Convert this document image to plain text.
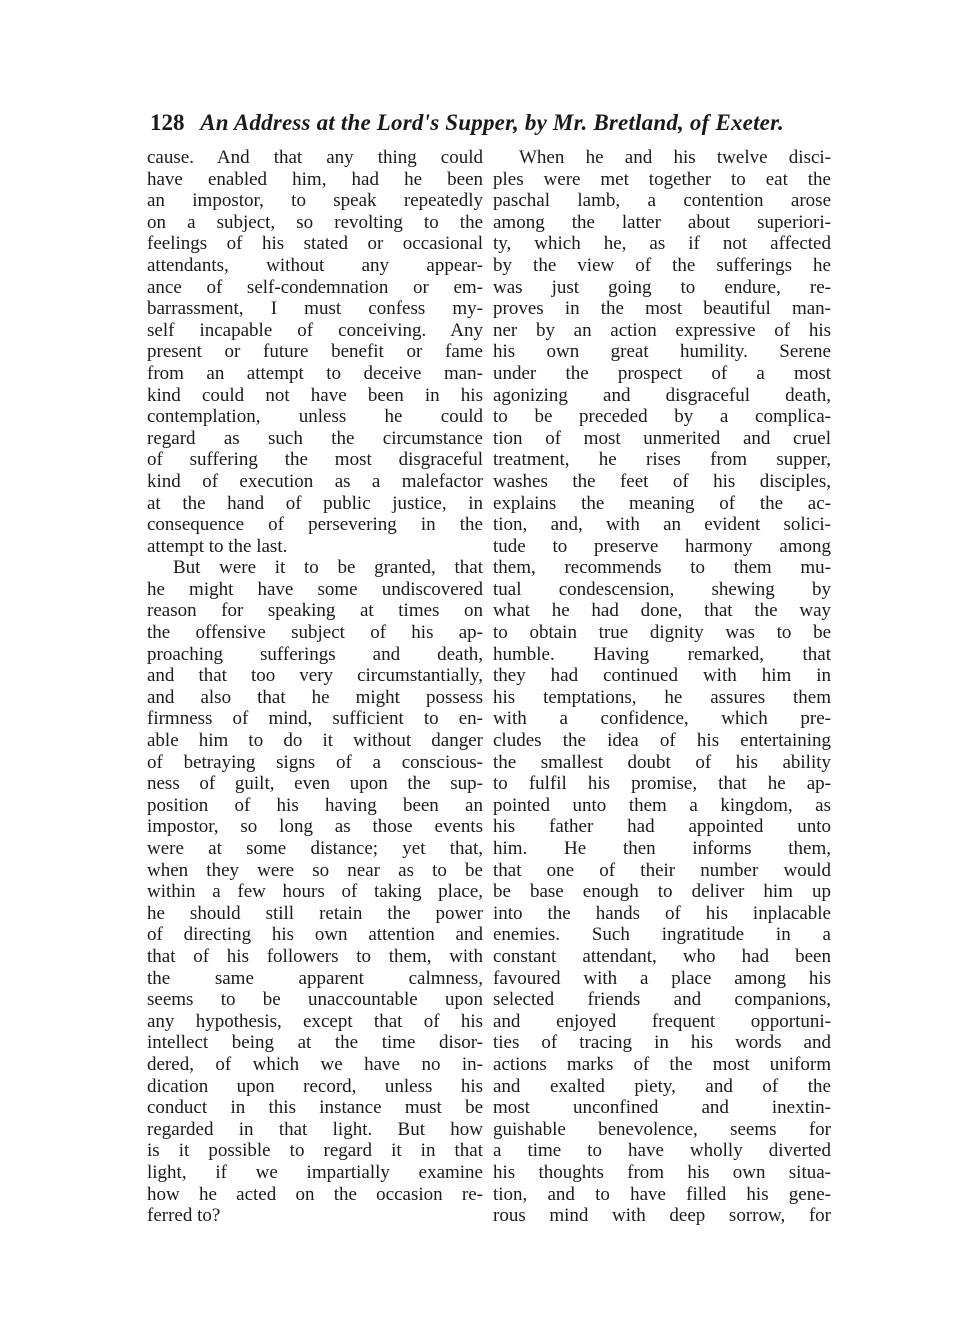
128 An Address at the Lord's Supper, by Mr. Bretland, of Exeter.
cause. And that any thing could
have enabled him, had he been
an impostor, to speak repeatedly
on a subject, so revolting to the
feelings of his stated or occasional
attendants, without any appear-
ance of self-condemnation or em-
barrassment, I must confess my-
self incapable of conceiving. Any
present or future benefit or fame
from an attempt to deceive man-
kind could not have been in his
contemplation, unless he could
regard as such the circumstance
of suffering the most disgraceful
kind of execution as a malefactor
at the hand of public justice, in
consequence of persevering in the
attempt to the last.
But were it to be granted, that
he might have some undiscovered
reason for speaking at times on
the offensive subject of his ap-
proaching sufferings and death,
and that too very circumstantially,
and also that he might possess
firmness of mind, sufficient to en-
able him to do it without danger
of betraying signs of a conscious-
ness of guilt, even upon the sup-
position of his having been an
impostor, so long as those events
were at some distance; yet that,
when they were so near as to be
within a few hours of taking place,
he should still retain the power
of directing his own attention and
that of his followers to them, with
the same apparent calmness,
seems to be unaccountable upon
any hypothesis, except that of his
intellect being at the time disor-
dered, of which we have no in-
dication upon record, unless his
conduct in this instance must be
regarded in that light. But how
is it possible to regard it in that
light, if we impartially examine
how he acted on the occasion re-
ferred to?
When he and his twelve disci-
ples were met together to eat the
paschal lamb, a contention arose
among the latter about superiori-
ty, which he, as if not affected
by the view of the sufferings he
was just going to endure, re-
proves in the most beautiful man-
ner by an action expressive of his
his own great humility. Serene
under the prospect of a most
agonizing and disgraceful death,
to be preceded by a complica-
tion of most unmerited and cruel
treatment, he rises from supper,
washes the feet of his disciples,
explains the meaning of the ac-
tion, and, with an evident solici-
tude to preserve harmony among
them, recommends to them mu-
tual condescension, shewing by
what he had done, that the way
to obtain true dignity was to be
humble. Having remarked, that
they had continued with him in
his temptations, he assures them
with a confidence, which pre-
cludes the idea of his entertaining
the smallest doubt of his ability
to fulfil his promise, that he ap-
pointed unto them a kingdom, as
his father had appointed unto
him. He then informs them,
that one of their number would
be base enough to deliver him up
into the hands of his inplacable
enemies. Such ingratitude in a
constant attendant, who had been
favoured with a place among his
selected friends and companions,
and enjoyed frequent opportuni-
ties of tracing in his words and
actions marks of the most uniform
and exalted piety, and of the
most unconfined and inextin-
guishable benevolence, seems for
a time to have wholly diverted
his thoughts from his own situa-
tion, and to have filled his gene-
rous mind with deep sorrow, for
